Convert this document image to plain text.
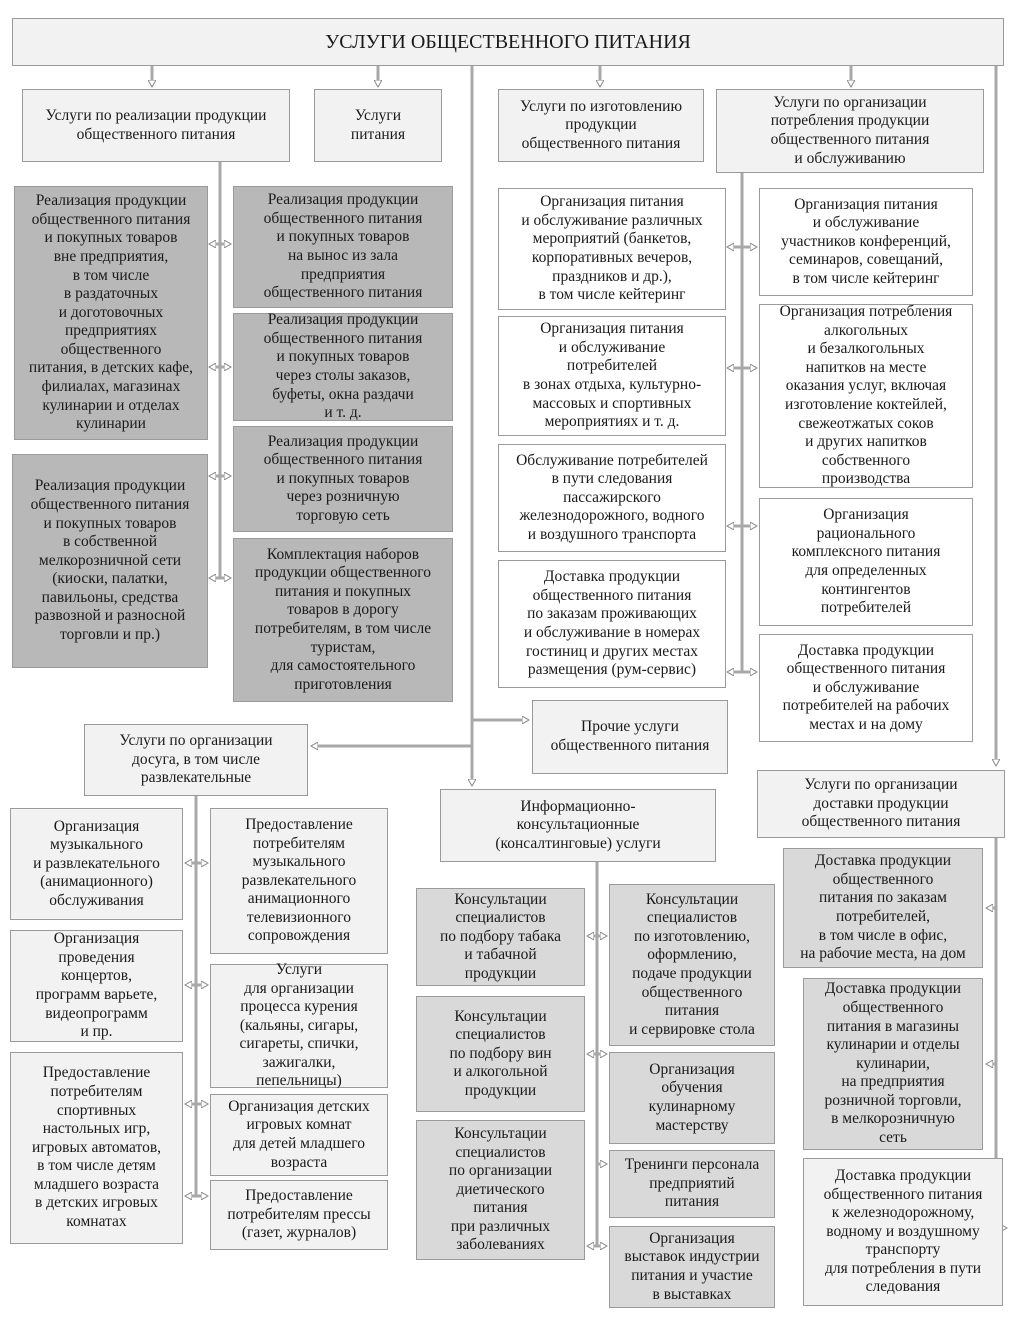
УСЛУГИ ОБЩЕСТВЕННОГО ПИТАНИЯ
Услуги по реализации продукции
общественного питания
Услуги
питания
Услуги по изготовлению
продукции
общественного питания
Услуги по организации
потребления продукции
общественного питания
и обслуживанию
Реализация продукции
общественного питания
и покупных товаров
вне предприятия,
в том числе
в раздаточных
и доготовочных
предприятиях
общественного
питания, в детских кафе,
филиалах, магазинах
кулинарии и отделах
кулинарии
Реализация продукции
общественного питания
и покупных товаров
в собственной
мелкорозничной сети
(киоски, палатки,
павильоны, средства
развозной и разносной
торговли и пр.)
Реализация продукции
общественного питания
и покупных товаров
на вынос из зала
предприятия
общественного питания
Реализация продукции
общественного питания
и покупных товаров
через столы заказов,
буфеты, окна раздачи
и т. д.
Реализация продукции
общественного питания
и покупных товаров
через розничную
торговую сеть
Комплектация наборов
продукции общественного
питания и покупных
товаров в дорогу
потребителям, в том числе
туристам,
для самостоятельного
приготовления
Организация питания
и обслуживание различных
мероприятий (банкетов,
корпоративных вечеров,
праздников и др.),
в том числе кейтеринг
Организация питания
и обслуживание
потребителей
в зонах отдыха, культурно-
массовых и спортивных
мероприятиях и т. д.
Обслуживание потребителей
в пути следования
пассажирского
железнодорожного, водного
и воздушного транспорта
Доставка продукции
общественного питания
по заказам проживающих
и обслуживание в номерах
гостиниц и других местах
размещения (рум-сервис)
Организация питания
и обслуживание
участников конференций,
семинаров, совещаний,
в том числе кейтеринг
Организация потребления
алкогольных
и безалкогольных
напитков на месте
оказания услуг, включая
изготовление коктейлей,
свежеотжатых соков
и других напитков
собственного
производства
Организация
рационального
комплексного питания
для определенных
контингентов
потребителей
Доставка продукции
общественного питания
и обслуживание
потребителей на рабочих
местах и на дому
Прочие услуги
общественного питания
Услуги по организации
досуга, в том числе
развлекательные	Услуги по организации
доставки продукции
общественного питания
Информационно-
консультационные
(консалтинговые) услуги
Организация
музыкального
и развлекательного
(анимационного)
обслуживания
Организация
проведения
концертов,
программ варьете,
видеопрограмм
и пр.
Предоставление
потребителям
спортивных
настольных игр,
игровых автоматов,
в том числе детям
младшего возраста
в детских игровых
комнатах
Предоставление
потребителям
музыкального
развлекательного
анимационного
телевизионного
сопровождения
Услуги
для организации
процесса курения
(кальяны, сигары,
сигареты, спички,
зажигалки,
пепельницы)
Организация детских
игровых комнат
для детей младшего
возраста
Предоставление
потребителям прессы
(газет, журналов)
Консультации
специалистов
по подбору табака
и табачной
продукции
Консультации
специалистов
по подбору вин
и алкогольной
продукции
Консультации
специалистов
по организации
диетического
питания
при различных
заболеваниях
Консультации
специалистов
по изготовлению,
оформлению,
подаче продукции
общественного
питания
и сервировке стола
Организация
обучения
кулинарному
мастерству
Тренинги персонала
предприятий
питания
Организация
выставок индустрии
питания и участие
в выставках
Доставка продукции
общественного
питания по заказам
потребителей,
в том числе в офис,
на рабочие места, на дом
Доставка продукции
общественного
питания в магазины
кулинарии и отделы
кулинарии,
на предприятия
розничной торговли,
в мелкорозничную
сеть
Доставка продукции
общественного питания
к железнодорожному,
водному и воздушному
транспорту
для потребления в пути
следования
